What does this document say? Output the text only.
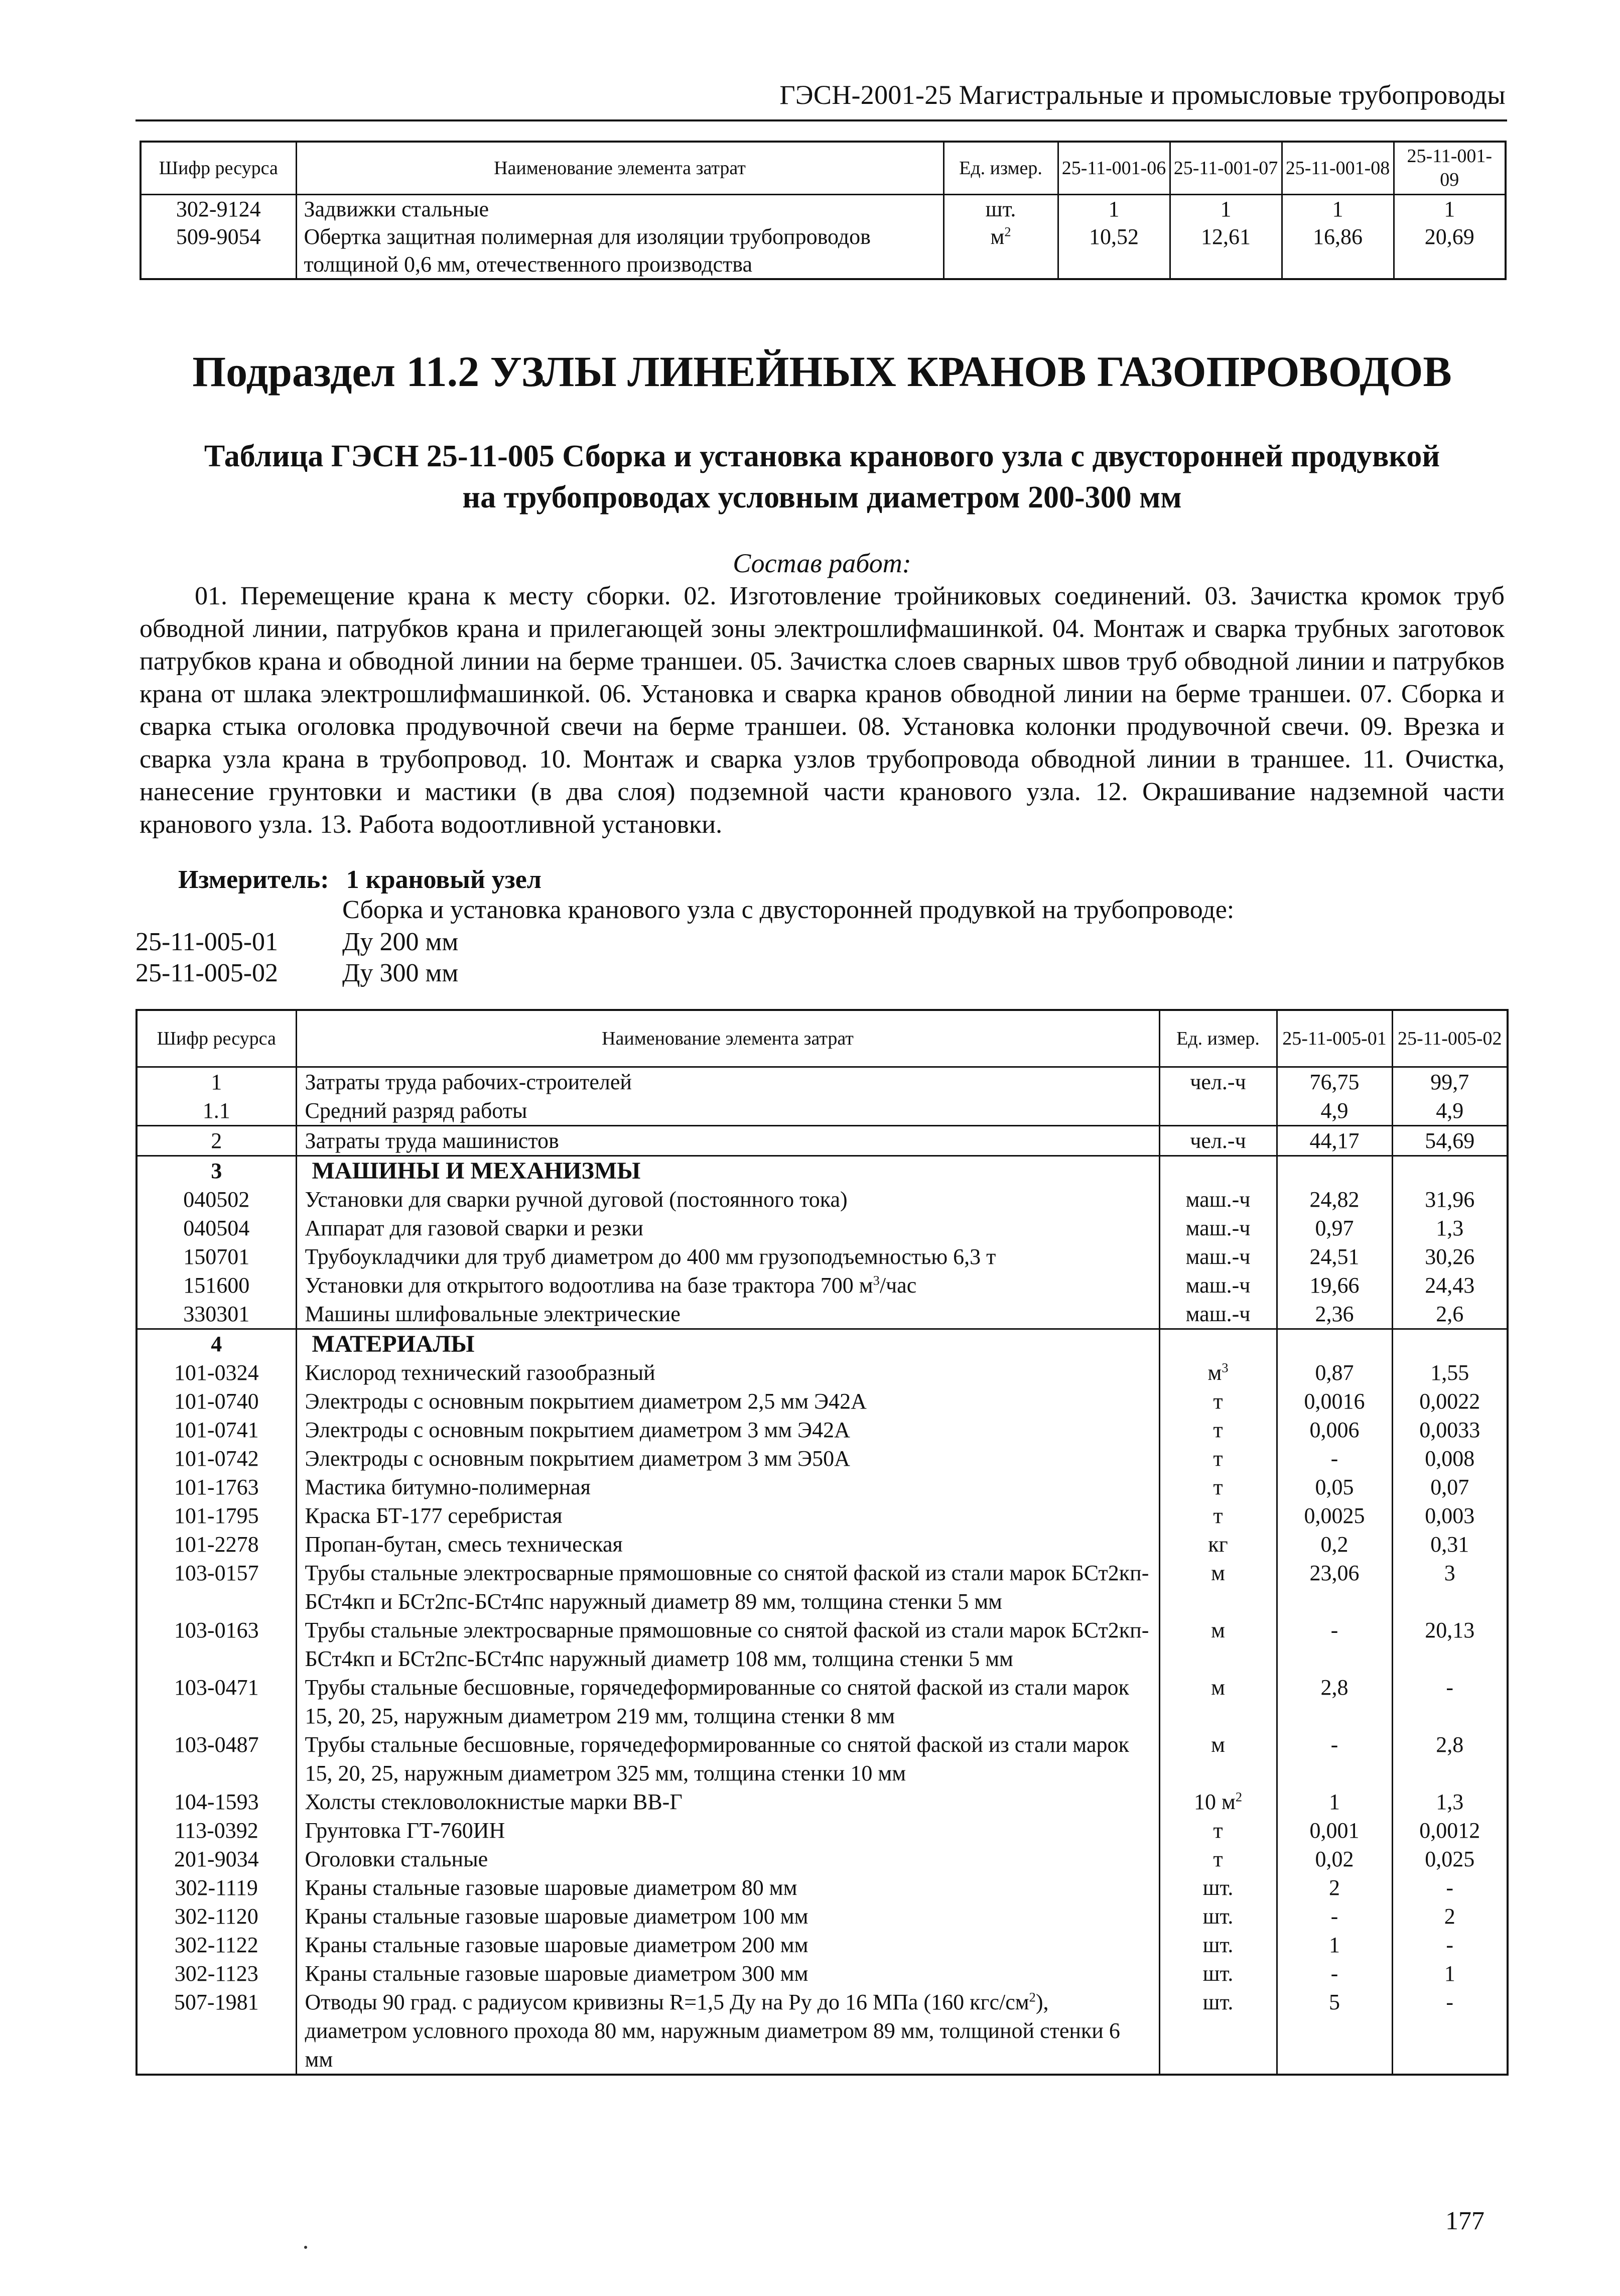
ГЭСН-2001-25 Магистральные и промысловые трубопроводы
Шифр ресурса	Наименование элемента затрат	Ед. измер.	25-11-001-06	25-11-001-07	25-11-001-08	25-11-001-09
302-9124	Задвижки стальные	шт.	1	1	1	1
509-9054	Обертка защитная полимерная для изоляции трубопроводов толщиной 0,6 мм, отечественного производства	$м^2$	10,52	12,61	16,86	20,69
Подраздел 11.2 УЗЛЫ ЛИНЕЙНЫХ КРАНОВ ГАЗОПРОВОДОВ
Таблица ГЭСН 25-11-005 Сборка и установка кранового узла с двусторонней продувкой
на трубопроводах условным диаметром 200-300 мм
Состав работ:
01. Перемещение крана к месту сборки. 02. Изготовление тройниковых соединений. 03. Зачистка кромок труб обводной линии, патрубков крана и прилегающей зоны электрошлифмашинкой. 04. Монтаж и сварка трубных заготовок патрубков крана и обводной линии на берме траншеи. 05. Зачистка слоев сварных швов труб обводной линии и патрубков крана от шлака электрошлифмашинкой. 06. Установка и сварка кранов обводной линии на берме траншеи. 07. Сборка и сварка стыка оголовка продувочной свечи на берме траншеи. 08. Установка колонки продувочной свечи. 09. Врезка и сварка узла крана в трубопровод. 10. Монтаж и сварка узлов трубопровода обводной линии в траншее. 11. Очистка, нанесение грунтовки и мастики (в два слоя) подземной части кранового узла. 12. Окрашивание надземной части кранового узла. 13. Работа водоотливной установки.
Измеритель: 1 крановый узел
Сборка и установка кранового узла с двусторонней продувкой на трубопроводе:
25-11-005-01 Ду 200 мм
25-11-005-02 Ду 300 мм
Шифр ресурса	Наименование элемента затрат	Ед. измер.	25-11-005-01	25-11-005-02
1	Затраты труда рабочих-строителей	чел.-ч	76,75	99,7
1.1	Средний разряд работы		4,9	4,9
2	Затраты труда машинистов	чел.-ч	44,17	54,69
3	МАШИНЫ И МЕХАНИЗМЫ			
040502	Установки для сварки ручной дуговой (постоянного тока)	маш.-ч	24,82	31,96
040504	Аппарат для газовой сварки и резки	маш.-ч	0,97	1,3
150701	Трубоукладчики для труб диаметром до 400 мм грузоподъемностью 6,3 т	маш.-ч	24,51	30,26
151600	Установки для открытого водоотлива на базе трактора 700 $м^3$/час	маш.-ч	19,66	24,43
330301	Машины шлифовальные электрические	маш.-ч	2,36	2,6
4	МАТЕРИАЛЫ			
101-0324	Кислород технический газообразный	$м^3$	0,87	1,55
101-0740	Электроды с основным покрытием диаметром 2,5 мм Э42А	т	0,0016	0,0022
101-0741	Электроды с основным покрытием диаметром 3 мм Э42А	т	0,006	0,0033
101-0742	Электроды с основным покрытием диаметром 3 мм Э50А	т	-	0,008
101-1763	Мастика битумно-полимерная	т	0,05	0,07
101-1795	Краска БТ-177 серебристая	т	0,0025	0,003
101-2278	Пропан-бутан, смесь техническая	кг	0,2	0,31
103-0157	Трубы стальные электросварные прямошовные со снятой фаской из стали марок БСт2кп-БСт4кп и БСт2пс-БСт4пс наружный диаметр 89 мм, толщина стенки 5 мм	м	23,06	3
103-0163	Трубы стальные электросварные прямошовные со снятой фаской из стали марок БСт2кп-БСт4кп и БСт2пс-БСт4пс наружный диаметр 108 мм, толщина стенки 5 мм	м	-	20,13
103-0471	Трубы стальные бесшовные, горячедеформированные со снятой фаской из стали марок 15, 20, 25, наружным диаметром 219 мм, толщина стенки 8 мм	м	2,8	-
103-0487	Трубы стальные бесшовные, горячедеформированные со снятой фаской из стали марок 15, 20, 25, наружным диаметром 325 мм, толщина стенки 10 мм	м	-	2,8
104-1593	Холсты стекловолокнистые марки ВВ-Г	10 $м^2$	1	1,3
113-0392	Грунтовка ГТ-760ИН	т	0,001	0,0012
201-9034	Оголовки стальные	т	0,02	0,025
302-1119	Краны стальные газовые шаровые диаметром 80 мм	шт.	2	-
302-1120	Краны стальные газовые шаровые диаметром 100 мм	шт.	-	2
302-1122	Краны стальные газовые шаровые диаметром 200 мм	шт.	1	-
302-1123	Краны стальные газовые шаровые диаметром 300 мм	шт.	-	1
507-1981	Отводы 90 град. с радиусом кривизны R=1,5 Ду на Ру до 16 МПа (160 кгс/$см^2$), диаметром условного прохода 80 мм, наружным диаметром 89 мм, толщиной стенки 6 мм	шт.	5	-
177
